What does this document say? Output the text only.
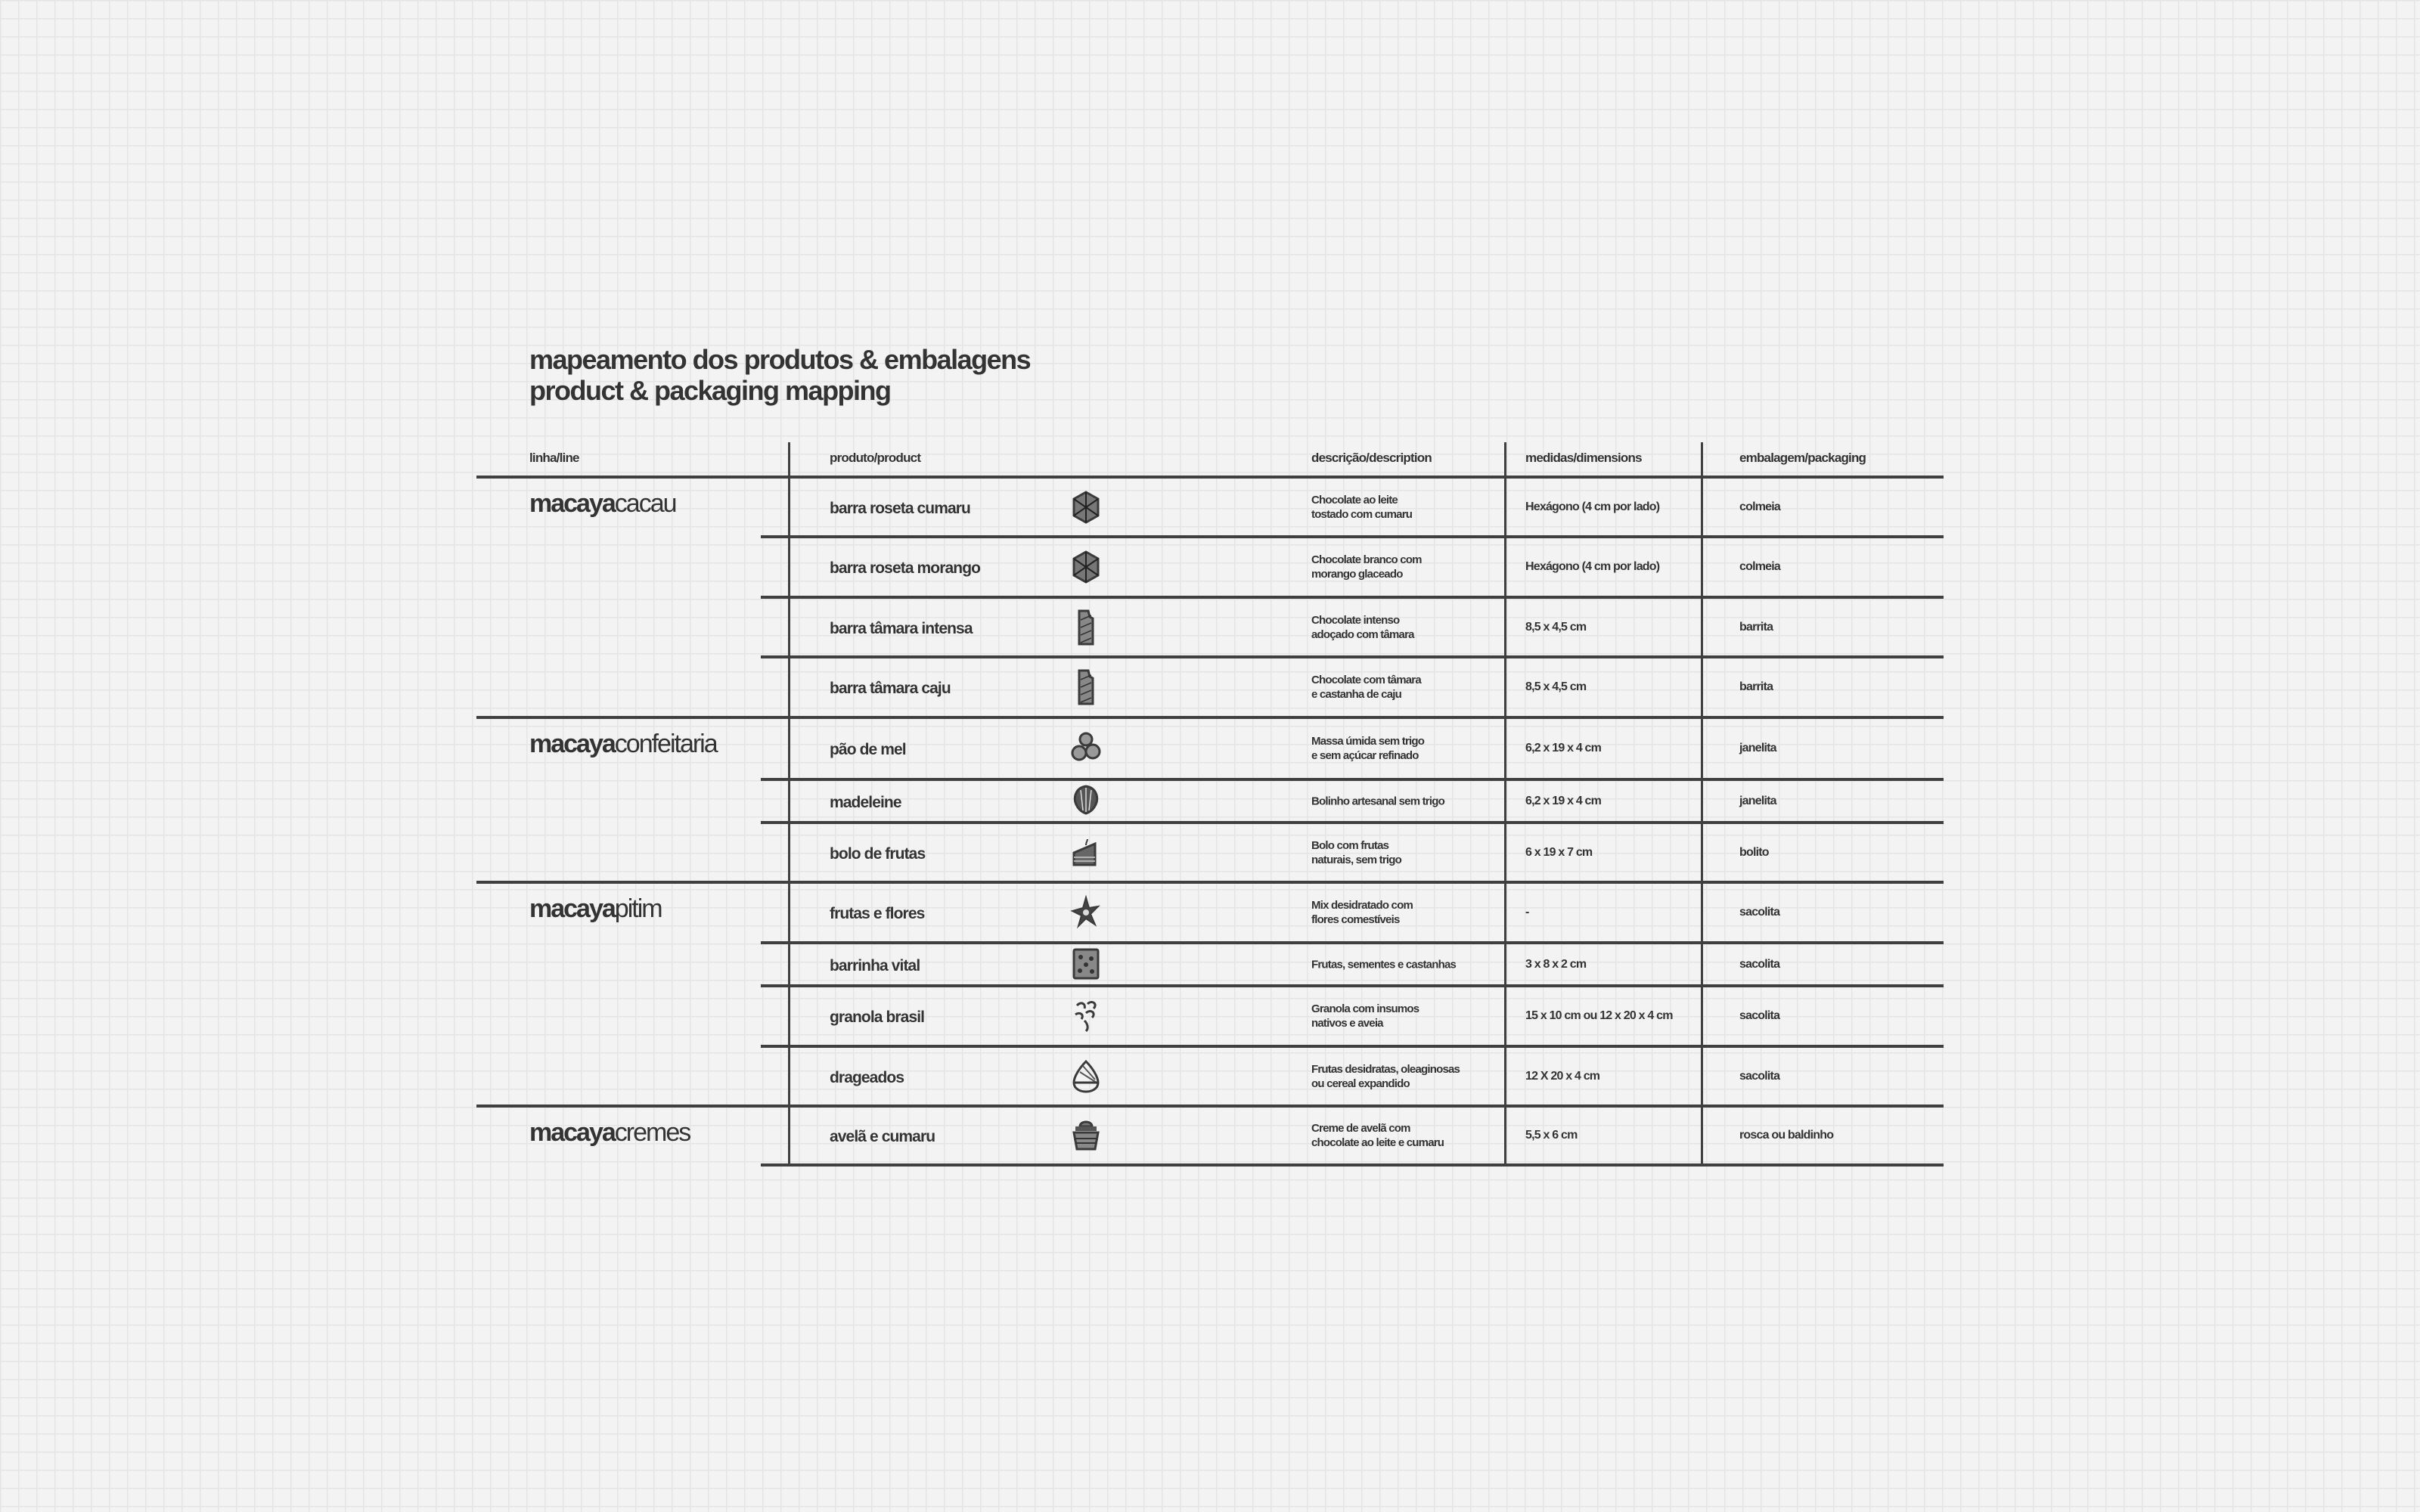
mapeamento dos produtos & embalagens
product & packaging mapping
linha/line	produto/product	descrição/description	medidas/dimensions	embalagem/packaging
macayacacau	barra roseta cumaru	Chocolate ao leite
tostado com cumaru
Hexágono (4 cm por lado)	colmeia
barra roseta morango	Chocolate branco com
morango glaceado
Hexágono (4 cm por lado)	colmeia
barra tâmara intensa	Chocolate intenso
adoçado com tâmara
8,5 x 4,5 cm	barrita
barra tâmara caju	Chocolate com tâmara
e castanha de caju
8,5 x 4,5 cm	barrita
macayaconfeitaria	pão de mel	Massa úmida sem trigo
e sem açúcar refinado
6,2 x 19 x 4 cm	janelita
madeleine	Bolinho artesanal sem trigo	6,2 x 19 x 4 cm	janelita
bolo de frutas	Bolo com frutas
naturais, sem trigo
6 x 19 x 7 cm	bolito
macayapitim	frutas e flores	Mix desidratado com
flores comestíveis
-	sacolita
barrinha vital	Frutas, sementes e castanhas	3 x 8 x 2 cm	sacolita
granola brasil	Granola com insumos
nativos e aveia
15 x 10 cm ou 12 x 20 x 4 cm	sacolita
drageados	Frutas desidratas, oleaginosas
ou cereal expandido
12 X 20 x 4 cm	sacolita
macayacremes	avelã e cumaru	Creme de avelã com
chocolate ao leite e cumaru
5,5 x 6 cm	rosca ou baldinho
